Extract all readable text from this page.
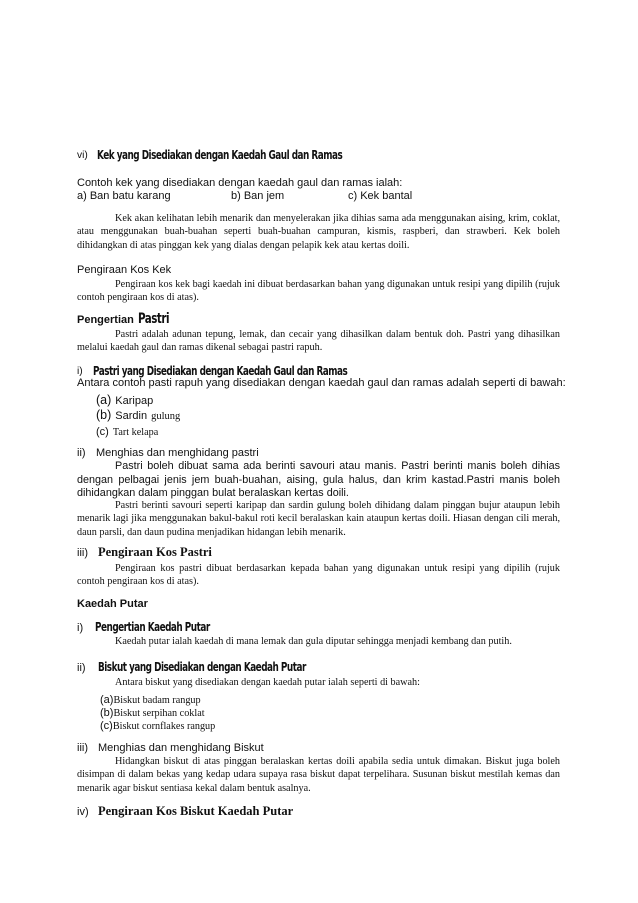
vi) Kek yang Disediakan dengan Kaedah Gaul dan Ramas
Contoh kek yang disediakan dengan kaedah gaul dan ramas ialah:
a) Ban batu karang	b) Ban jem	c) Kek bantal
Kek akan kelihatan lebih menarik dan menyelerakan jika dihias sama ada menggunakan aising, krim, coklat, atau menggunakan buah-buahan seperti buah-buahan campuran, kismis, raspberi, dan strawberi. Kek boleh dihidangkan di atas pinggan kek yang dialas dengan pelapik kek atau kertas doili.
Pengiraan Kos Kek
Pengiraan kos kek bagi kaedah ini dibuat berdasarkan bahan yang digunakan untuk resipi yang dipilih (rujuk contoh pengiraan kos di atas).
Pengertian Pastri
Pastri adalah adunan tepung, lemak, dan cecair yang dihasilkan dalam bentuk doh. Pastri yang dihasilkan melalui kaedah gaul dan ramas dikenal sebagai pastri rapuh.
i) Pastri yang Disediakan dengan Kaedah Gaul dan Ramas
Antara contoh pasti rapuh yang disediakan dengan kaedah gaul dan ramas adalah seperti di bawah:
(a) Karipap
(b) Sardin gulung
(c) Tart kelapa
ii) Menghias dan menghidang pastri
Pastri boleh dibuat sama ada berinti savouri atau manis. Pastri berinti manis boleh dihias dengan pelbagai jenis jem buah-buahan, aising, gula halus, dan krim kastad.Pastri manis boleh dihidangkan dalam pinggan bulat beralaskan kertas doili.
Pastri berinti savouri seperti karipap dan sardin gulung boleh dihidang dalam pinggan bujur ataupun lebih menarik lagi jika menggunakan bakul-bakul roti kecil beralaskan kain ataupun kertas doili. Hiasan dengan cili merah, daun parsli, dan daun pudina menjadikan hidangan lebih menarik.
iii) Pengiraan Kos Pastri
Pengiraan kos pastri dibuat berdasarkan kepada bahan yang digunakan untuk resipi yang dipilih (rujuk contoh pengiraan kos di atas).
Kaedah Putar
i) Pengertian Kaedah Putar
Kaedah putar ialah kaedah di mana lemak dan gula diputar sehingga menjadi kembang dan putih.
ii) Biskut yang Disediakan dengan Kaedah Putar
Antara biskut yang disediakan dengan kaedah putar ialah seperti di bawah:
(a)Biskut badam rangup
(b)Biskut serpihan coklat
(c)Biskut cornflakes rangup
iii) Menghias dan menghidang Biskut
Hidangkan biskut di atas pinggan beralaskan kertas doili apabila sedia untuk dimakan. Biskut juga boleh disimpan di dalam bekas yang kedap udara supaya rasa biskut dapat terpelihara. Susunan biskut mestilah kemas dan menarik agar biskut sentiasa kekal dalam bentuk asalnya.
iv) Pengiraan Kos Biskut Kaedah Putar
